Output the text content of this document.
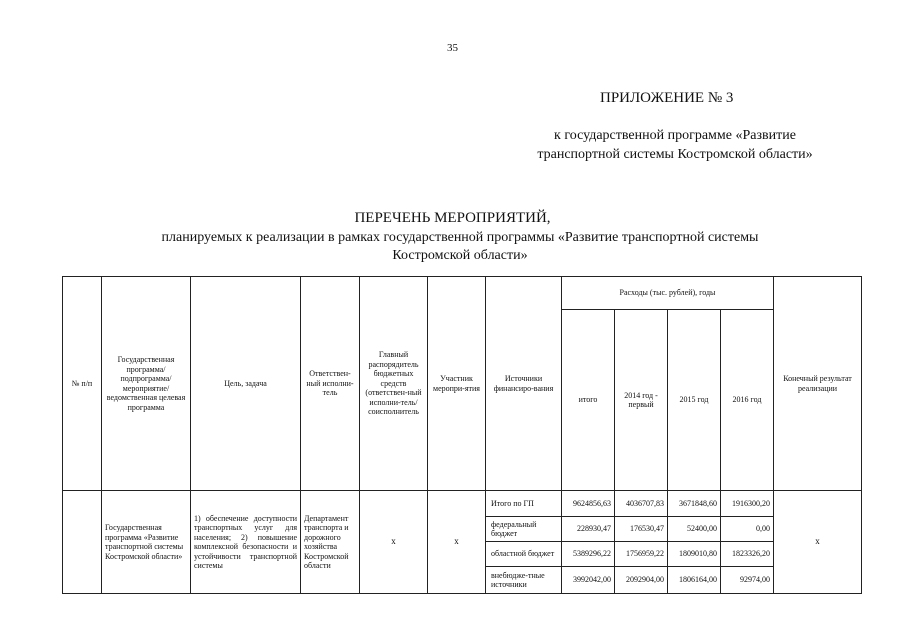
35
ПРИЛОЖЕНИЕ № 3
к государственной программе «Развитие
транспортной системы Костромской области»
ПЕРЕЧЕНЬ МЕРОПРИЯТИЙ,
планируемых к реализации в рамках государственной программы «Развитие транспортной системы
Костромской области»
№ п/п	Государственная программа/ подпрограмма/ мероприятие/ ведомственная целевая программа	Цель, задача	Ответствен-ный исполни-тель	Главный распорядитель бюджетных средств (ответствен-ный исполни-тель/ соисполнитель	Участник меропри-ятия	Источники финансиро-вания	Расходы (тыс. рублей), годы				Конечный результат реализации
							итого	2014 год - первый	2015 год	2016 год	
	Государственная программа «Развитие транспортной системы Костромской области»	1) обеспечение доступности транспортных услуг для населения; 2) повышение комплексной безопасности и устойчивости транспортной системы	Департамент транспорта и дорожного хозяйства Костромской области	х	х	Итого по ГП	9624856,63	4036707,83	3671848,60	1916300,20	х
						федеральный бюджет	228930,47	176530,47	52400,00	0,00	
						областной бюджет	5389296,22	1756959,22	1809010,80	1823326,20	
						внебюдже-тные источники	3992042,00	2092904,00	1806164,00	92974,00	
